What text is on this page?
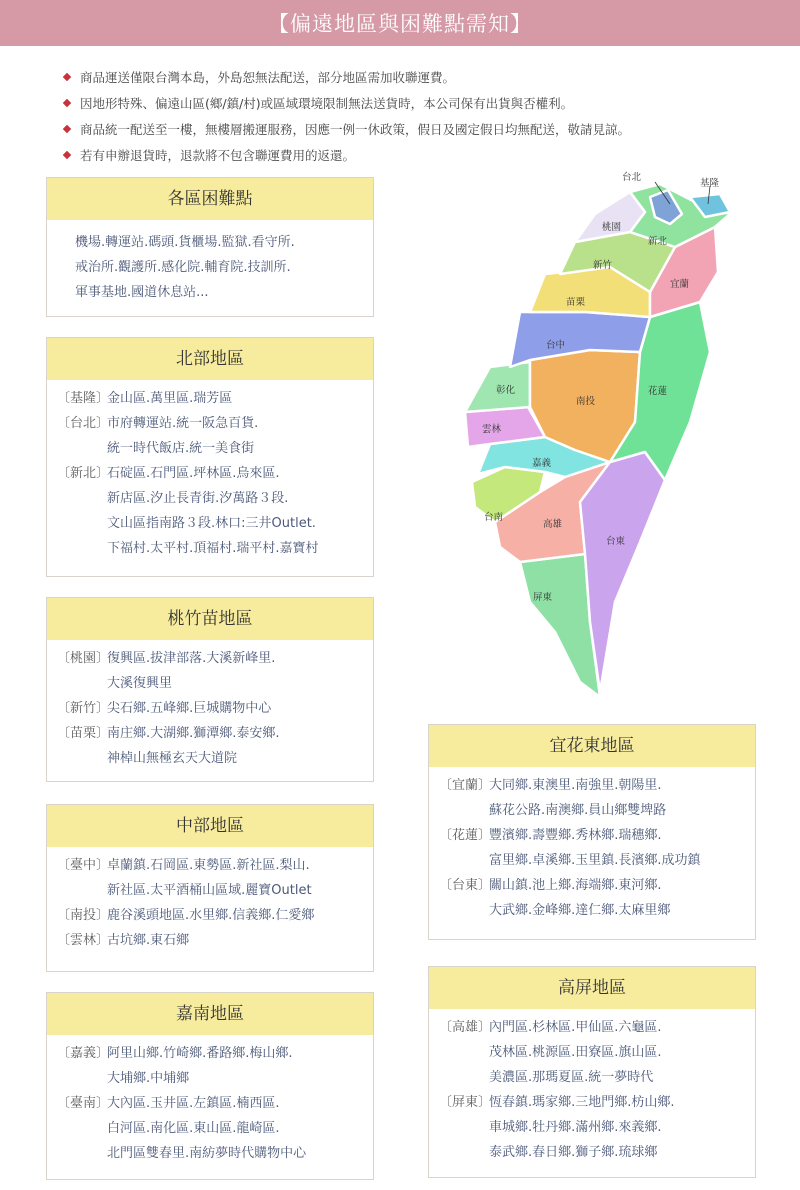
【偏遠地區與困難點需知】
商品運送僅限台灣本島，外島恕無法配送，部分地區需加收聯運費。
因地形特殊、偏遠山區(鄉/鎮/村)或區域環境限制無法送貨時，本公司保有出貨與否權利。
商品統一配送至一樓，無樓層搬運服務，因應一例一休政策，假日及國定假日均無配送，敬請見諒。
若有申辦退貨時，退款將不包含聯運費用的返還。
各區困難點
機場.轉運站.碼頭.貨櫃場.監獄.看守所.
戒治所.觀護所.感化院.輔育院.技訓所.
軍事基地.國道休息站...
北部地區
〔基隆〕金山區.萬里區.瑞芳區
〔台北〕市府轉運站.統一阪急百貨.
統一時代飯店.統一美食街
〔新北〕石碇區.石門區.坪林區.烏來區.
新店區.汐止長青街.汐萬路３段.
文山區指南路３段.林口:三井Outlet.
下福村.太平村.頂福村.瑞平村.嘉寶村
桃竹苗地區
〔桃園〕復興區.拔津部落.大溪新峰里.
大溪復興里
〔新竹〕尖石鄉.五峰鄉.巨城購物中心
〔苗栗〕南庄鄉.大湖鄉.獅潭鄉.泰安鄉.
神棹山無極玄天大道院
中部地區
〔臺中〕卓蘭鎮.石岡區.東勢區.新社區.梨山.
新社區.太平酒桶山區域.麗寶Outlet
〔南投〕鹿谷溪頭地區.水里鄉.信義鄉.仁愛鄉
〔雲林〕古坑鄉.東石鄉
嘉南地區
〔嘉義〕阿里山鄉.竹崎鄉.番路鄉.梅山鄉.
大埔鄉.中埔鄉
〔臺南〕大內區.玉井區.左鎮區.楠西區.
白河區.南化區.東山區.龍崎區.
北門區雙春里.南紡夢時代購物中心
宜花東地區
〔宜蘭〕大同鄉.東澳里.南強里.朝陽里.
蘇花公路.南澳鄉.員山鄉雙埤路
〔花蓮〕豐濱鄉.壽豐鄉.秀林鄉.瑞穗鄉.
富里鄉.卓溪鄉.玉里鎮.長濱鄉.成功鎮
〔台東〕關山鎮.池上鄉.海端鄉.東河鄉.
大武鄉.金峰鄉.達仁鄉.太麻里鄉
高屏地區
〔高雄〕內門區.杉林區.甲仙區.六龜區.
茂林區.桃源區.田寮區.旗山區.
美濃區.那瑪夏區.統一夢時代
〔屏東〕恆春鎮.瑪家鄉.三地門鄉.枋山鄉.
車城鄉.牡丹鄉.滿州鄉.來義鄉.
泰武鄉.春日鄉.獅子鄉.琉球鄉
台北
基隆
桃園
新北
新竹
宜蘭
苗栗
台中
彰化
南投
花蓮
雲林
嘉義
台南
高雄
台東
屏東
